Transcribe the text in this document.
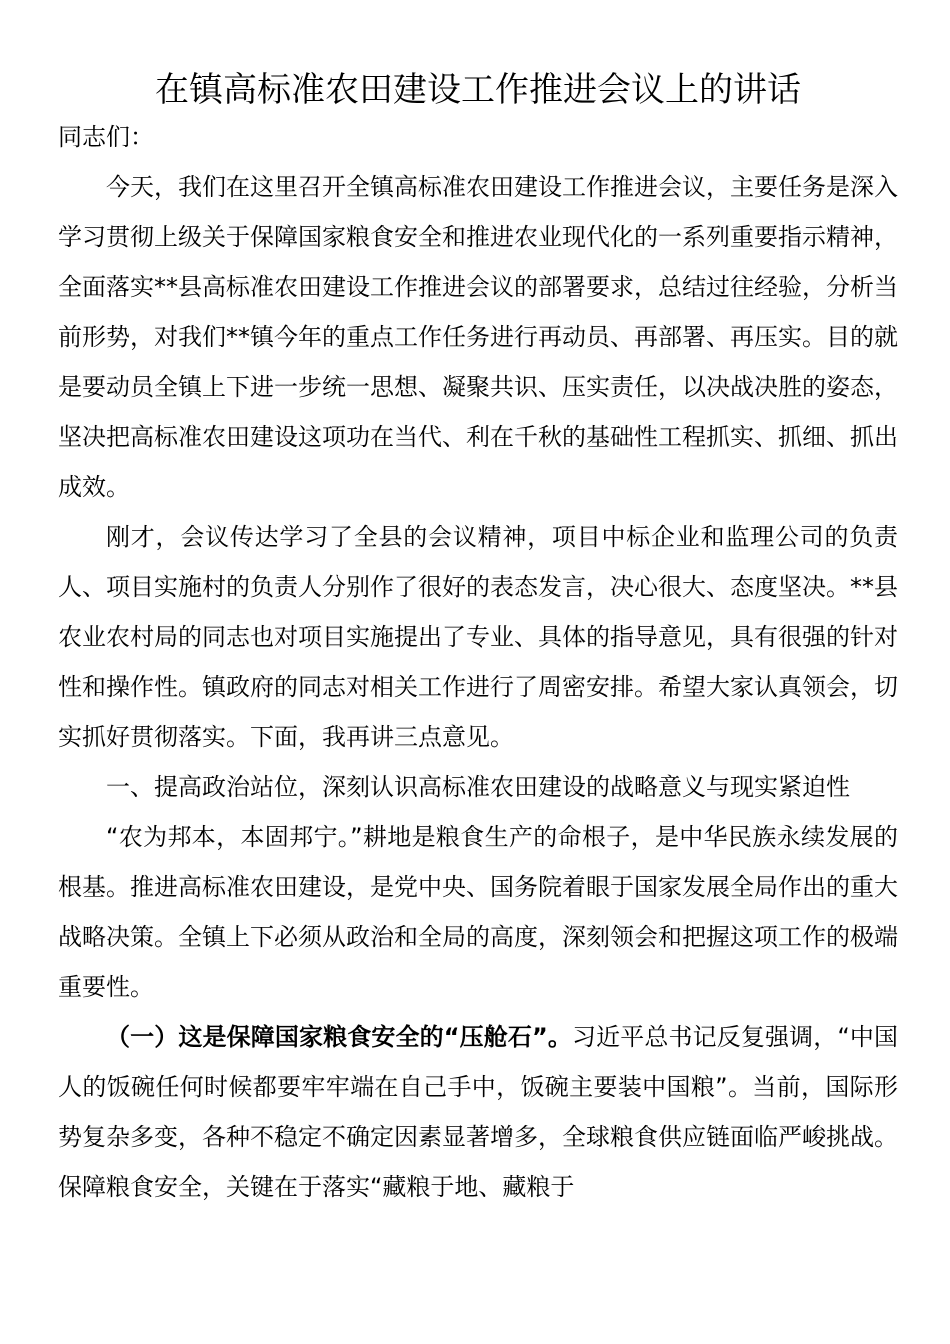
在镇高标准农田建设工作推进会议上的讲话

同志们：

今天，我们在这里召开全镇高标准农田建设工作推进会议，主要任务是深入学习贯彻上级关于保障国家粮食安全和推进农业现代化的一系列重要指示精神，全面落实**县高标准农田建设工作推进会议的部署要求，总结过往经验，分析当前形势，对我们**镇今年的重点工作任务进行再动员、再部署、再压实。目的就是要动员全镇上下进一步统一思想、凝聚共识、压实责任，以决战决胜的姿态，坚决把高标准农田建设这项功在当代、利在千秋的基础性工程抓实、抓细、抓出成效。

刚才，会议传达学习了全县的会议精神，项目中标企业和监理公司的负责人、项目实施村的负责人分别作了很好的表态发言，决心很大、态度坚决。**县农业农村局的同志也对项目实施提出了专业、具体的指导意见，具有很强的针对性和操作性。镇政府的同志对相关工作进行了周密安排。希望大家认真领会，切实抓好贯彻落实。下面，我再讲三点意见。

一、提高政治站位，深刻认识高标准农田建设的战略意义与现实紧迫性

“农为邦本，本固邦宁。”耕地是粮食生产的命根子，是中华民族永续发展的根基。推进高标准农田建设，是党中央、国务院着眼于国家发展全局作出的重大战略决策。全镇上下必须从政治和全局的高度，深刻领会和把握这项工作的极端重要性。

（一）这是保障国家粮食安全的“压舱石”。习近平总书记反复强调，“中国人的饭碗任何时候都要牢牢端在自己手中，饭碗主要装中国粮”。当前，国际形势复杂多变，各种不稳定不确定因素显著增多，全球粮食供应链面临严峻挑战。保障粮食安全，关键在于落实“藏粮于地、藏粮于
